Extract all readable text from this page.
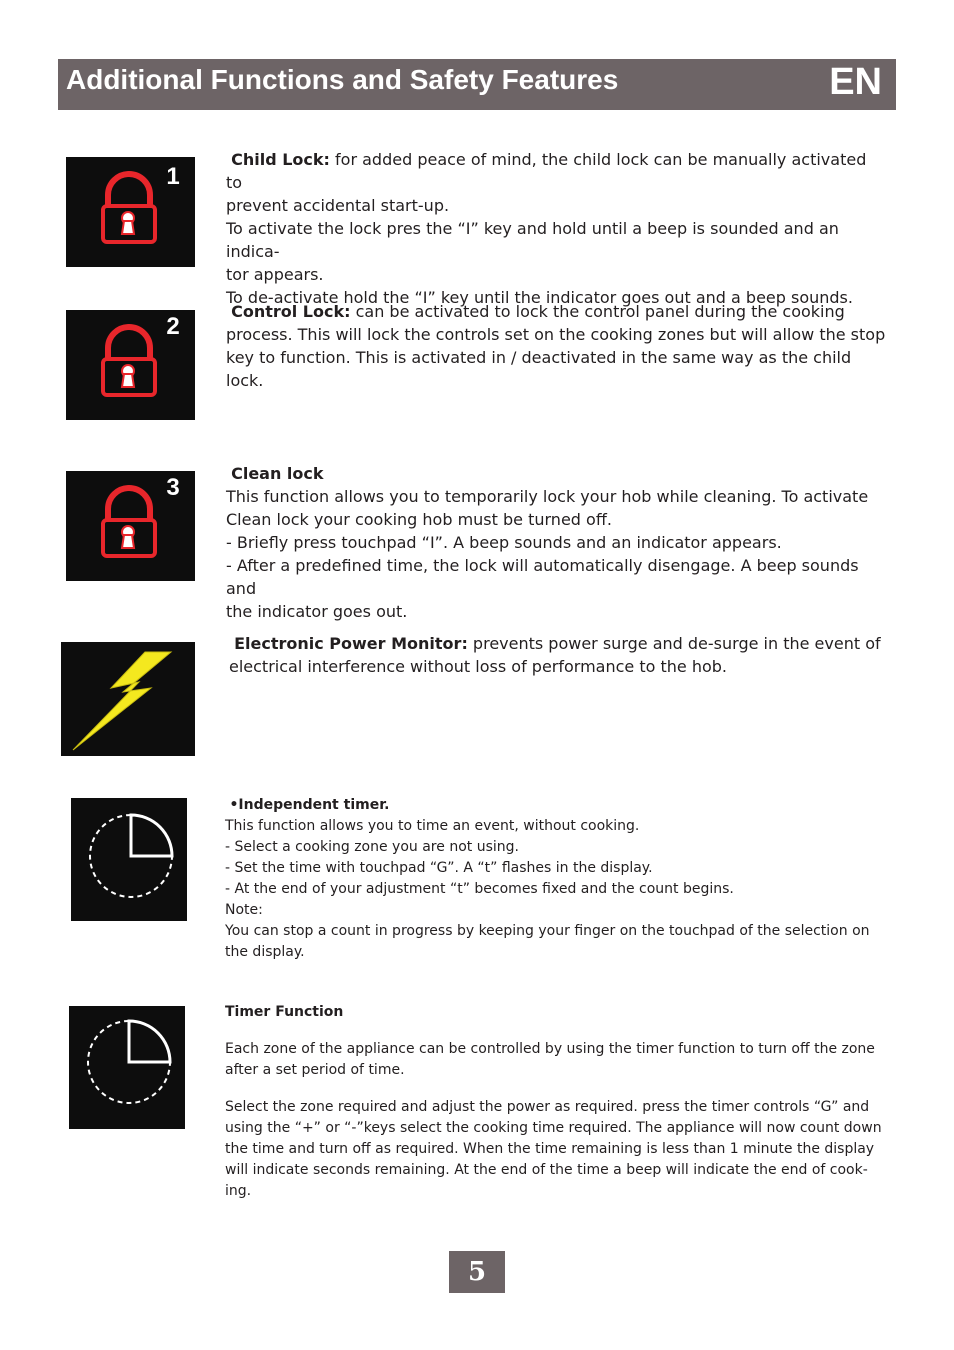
Additional Functions and Safety Features	EN
1

Child Lock: for added peace of mind, the child lock can be manually activated to

prevent accidental start-up.

To activate the lock pres the “I” key and hold until a beep is sounded and an indica-

tor appears.

To de-activate hold the “I” key until the indicator goes out and a beep sounds.

2

Control Lock: can be activated to lock the control panel during the cooking

process. This will lock the controls set on the cooking zones but will allow the stop

key to function. This is activated in / deactivated in the same way as the child lock.

3

Clean lock

This function allows you to temporarily lock your hob while cleaning. To activate

Clean lock your cooking hob must be turned off.

- Briefly press touchpad “I”. A beep sounds and an indicator appears.

- After a predefined time, the lock will automatically disengage. A beep sounds and

the indicator goes out.

Electronic Power Monitor: prevents power surge and de-surge in the event of

electrical interference without loss of performance to the hob.

•Independent timer.

This function allows you to time an event, without cooking.

- Select a cooking zone you are not using.

- Set the time with touchpad “G”. A “t” flashes in the display.

- At the end of your adjustment “t” becomes fixed and the count begins.

Note:

You can stop a count in progress by keeping your finger on the touchpad of the selection on

the display.

Timer Function

Each zone of the appliance can be controlled by using the timer function to turn off the zone

after a set period of time.

Select the zone required and adjust the power as required. press the timer controls “G” and

using the “+” or “-”keys select the cooking time required. The appliance will now count down

the time and turn off as required. When the time remaining is less than 1 minute the display

will indicate seconds remaining. At the end of the time a beep will indicate the end of cook-

ing.

5
